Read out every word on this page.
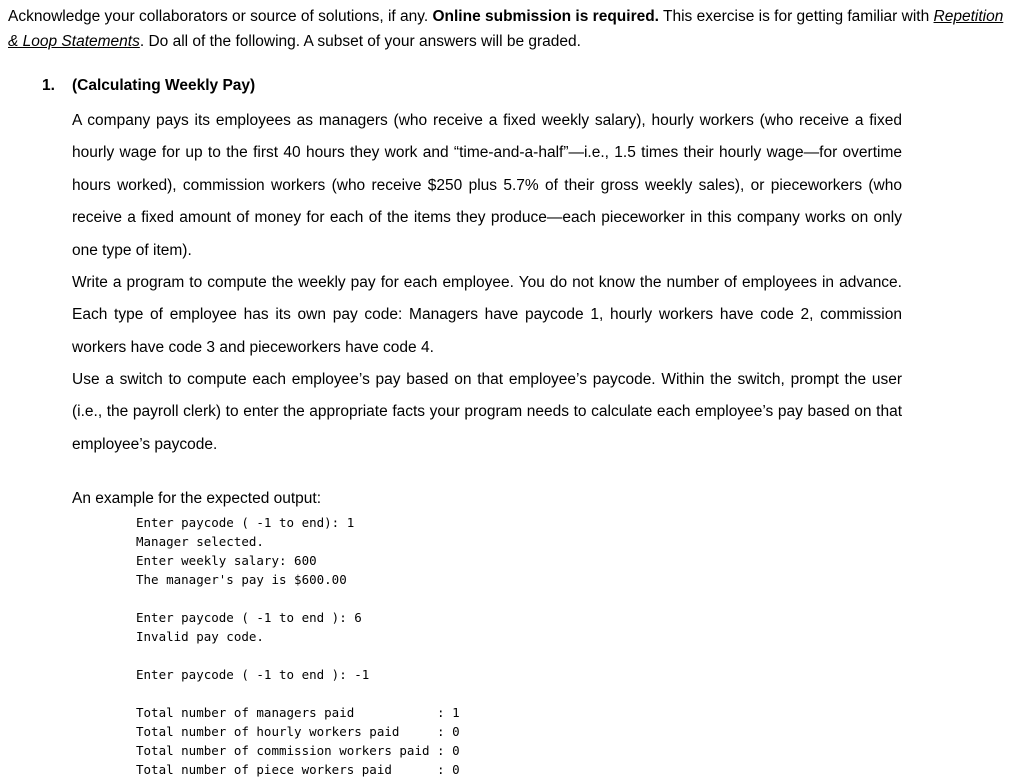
Acknowledge your collaborators or source of solutions, if any. Online submission is required. This exercise is for getting familiar with Repetition & Loop Statements. Do all of the following. A subset of your answers will be graded.
1. (Calculating Weekly Pay)
A company pays its employees as managers (who receive a fixed weekly salary), hourly workers (who receive a fixed hourly wage for up to the first 40 hours they work and “time-and-a-half”—i.e., 1.5 times their hourly wage—for overtime hours worked), commission workers (who receive $250 plus 5.7% of their gross weekly sales), or pieceworkers (who receive a fixed amount of money for each of the items they produce—each pieceworker in this company works on only one type of item).
Write a program to compute the weekly pay for each employee. You do not know the number of employees in advance. Each type of employee has its own pay code: Managers have paycode 1, hourly workers have code 2, commission workers have code 3 and pieceworkers have code 4.
Use a switch to compute each employee’s pay based on that employee’s paycode. Within the switch, prompt the user (i.e., the payroll clerk) to enter the appropriate facts your program needs to calculate each employee’s pay based on that employee’s paycode.
An example for the expected output:
Enter paycode ( -1 to end): 1
Manager selected.
Enter weekly salary: 600
The manager's pay is $600.00
Enter paycode ( -1 to end ): 6
Invalid pay code.
Enter paycode ( -1 to end ): -1
Total number of managers paid           : 1
Total number of hourly workers paid     : 0
Total number of commission workers paid : 0
Total number of piece workers paid      : 0
